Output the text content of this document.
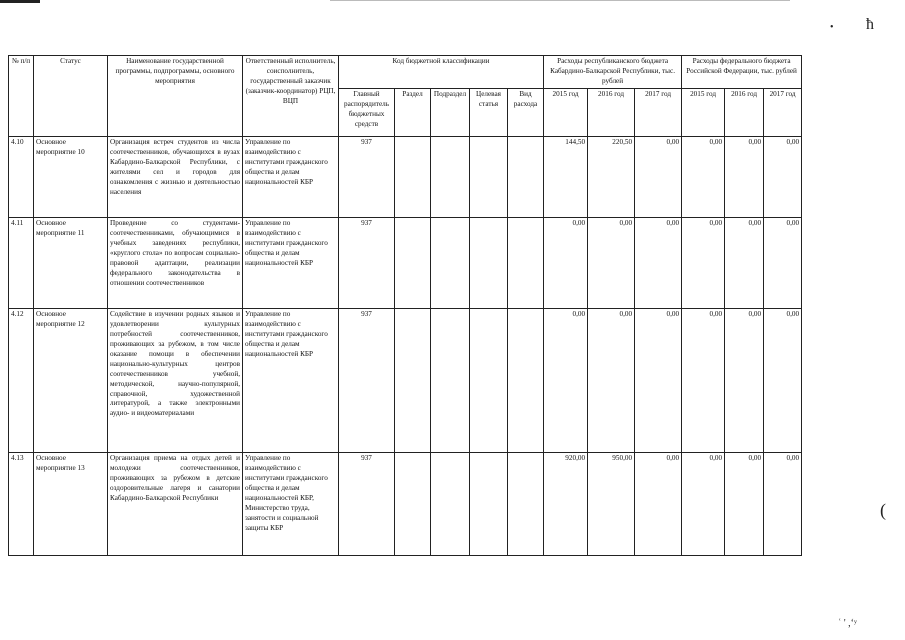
• ћ
(
ʿ ' ,ʻʸ
№ п/п	Статус	Наименование государственной программы, подпрограммы, основного мероприятия	Ответственный исполнитель, соисполнитель, государственный заказчик (заказчик-координатор) РЦП, ВЦП	Код бюджетной классификации					Расходы республиканского бюджета Кабардино-Балкарской Республики, тыс. рублей			Расходы федерального бюджета Российской Федерации, тыс. рублей		
				Главный распорядитель бюджетных средств	Раздел	Подраздел	Целевая статья	Вид расхода	2015 год	2016 год	2017 год	2015 год	2016 год	2017 год
4.10	Основное мероприятие 10	Организация встреч студентов из числа соотечественников, обучающихся в вузах Кабардино-Балкарской Республики, с жителями сел и городов для ознакомления с жизнью и деятельностью населения	Управление по взаимодействию с институтами гражданского общества и делам национальностей КБР	937					144,50	220,50	0,00	0,00	0,00	0,00
4.11	Основное мероприятие 11	Проведение со студентами-соотечественниками, обучающимися в учебных заведениях республики, «круглого стола» по вопросам социально-правовой адаптации, реализации федерального законодательства в отношении соотечественников	Управление по взаимодействию с институтами гражданского общества и делам национальностей КБР	937					0,00	0,00	0,00	0,00	0,00	0,00
4.12	Основное мероприятие 12	Содействие в изучении родных языков и удовлетворении культурных потребностей соотечественников, проживающих за рубежом, в том числе оказание помощи в обеспечении национально-культурных центров соотечественников учебной, методической, научно-популярной, справочной, художественной литературой, а также электронными аудио- и видеоматериалами	Управление по взаимодействию с институтами гражданского общества и делам национальностей КБР	937					0,00	0,00	0,00	0,00	0,00	0,00
4.13	Основное мероприятие 13	Организация приема на отдых детей и молодежи соотечественников, проживающих за рубежом в детские оздоровительные лагеря и санатории Кабардино-Балкарской Республики	Управление по взаимодействию с институтами гражданского общества и делам национальностей КБР, Министерство труда, занятости и социальной защиты КБР	937					920,00	950,00	0,00	0,00	0,00	0,00
